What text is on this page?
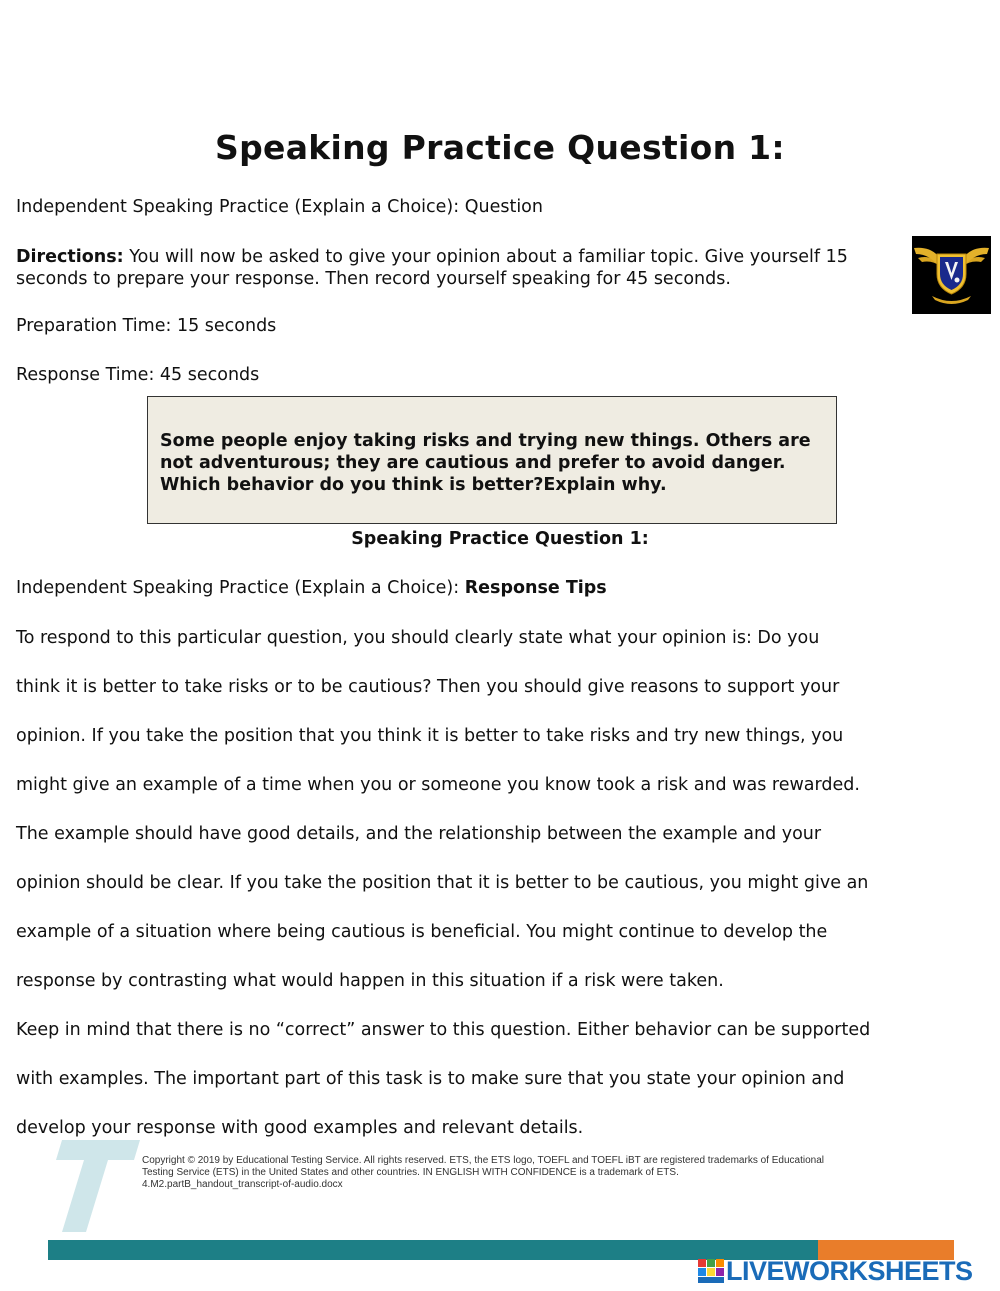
Speaking Practice Question 1:
Independent Speaking Practice (Explain a Choice): Question
Directions: You will now be asked to give your opinion about a familiar topic. Give yourself 15 seconds to prepare your response. Then record yourself speaking for 45 seconds.
Preparation Time: 15 seconds
Response Time: 45 seconds
Some people enjoy taking risks and trying new things. Others are
not adventurous; they are cautious and prefer to avoid danger.
Which behavior do you think is better?Explain why.
Speaking Practice Question 1:
Independent Speaking Practice (Explain a Choice): Response Tips
To respond to this particular question, you should clearly state what your opinion is: Do you
think it is better to take risks or to be cautious? Then you should give reasons to support your
opinion. If you take the position that you think it is better to take risks and try new things, you
might give an example of a time when you or someone you know took a risk and was rewarded.
The example should have good details, and the relationship between the example and your
opinion should be clear. If you take the position that it is better to be cautious, you might give an
example of a situation where being cautious is beneficial. You might continue to develop the
response by contrasting what would happen in this situation if a risk were taken.
Keep in mind that there is no “correct” answer to this question. Either behavior can be supported
with examples. The important part of this task is to make sure that you state your opinion and
develop your response with good examples and relevant details.
Copyright © 2019 by Educational Testing Service. All rights reserved. ETS, the ETS logo, TOEFL and TOEFL iBT are registered trademarks of Educational
Testing Service (ETS) in the United States and other countries. IN ENGLISH WITH CONFIDENCE is a trademark of ETS.
4.M2.partB_handout_transcript-of-audio.docx
LIVEWORKSHEETS
